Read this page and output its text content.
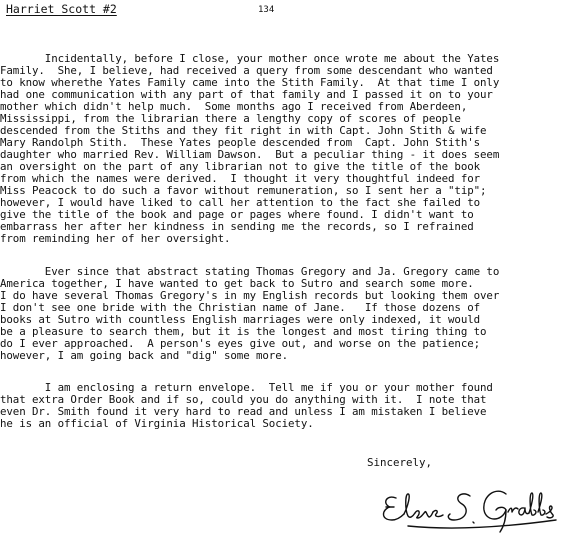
Harriet Scott #2	134
Incidentally, before I close, your mother once wrote me about the Yates
Family.  She, I believe, had received a query from some descendant who wanted
to know wherethe Yates Family came into the Stith Family.  At that time I only
had one communication with any part of that family and I passed it on to your
mother which didn't help much.  Some months ago I received from Aberdeen,
Mississippi, from the librarian there a lengthy copy of scores of people
descended from the Stiths and they fit right in with Capt. John Stith & wife
Mary Randolph Stith.  These Yates people descended from  Capt. John Stith's
daughter who married Rev. William Dawson.  But a peculiar thing - it does seem
an oversight on the part of any librarian not to give the title of the book
from which the names were derived.  I thought it very thoughtful indeed for
Miss Peacock to do such a favor without remuneration, so I sent her a "tip";
however, I would have liked to call her attention to the fact she failed to
give the title of the book and page or pages where found. I didn't want to
embarrass her after her kindness in sending me the records, so I refrained
from reminding her of her oversight.
Ever since that abstract stating Thomas Gregory and Ja. Gregory came to
America together, I have wanted to get back to Sutro and search some more.
I do have several Thomas Gregory's in my English records but looking them over
I don't see one bride with the Christian name of Jane.   If those dozens of
books at Sutro with countless English marriages were only indexed, it would
be a pleasure to search them, but it is the longest and most tiring thing to
do I ever approached.  A person's eyes give out, and worse on the patience;
however, I am going back and "dig" some more.
I am enclosing a return envelope.  Tell me if you or your mother found
that extra Order Book and if so, could you do anything with it.  I note that
even Dr. Smith found it very hard to read and unless I am mistaken I believe
he is an official of Virginia Historical Society.
Sincerely,
